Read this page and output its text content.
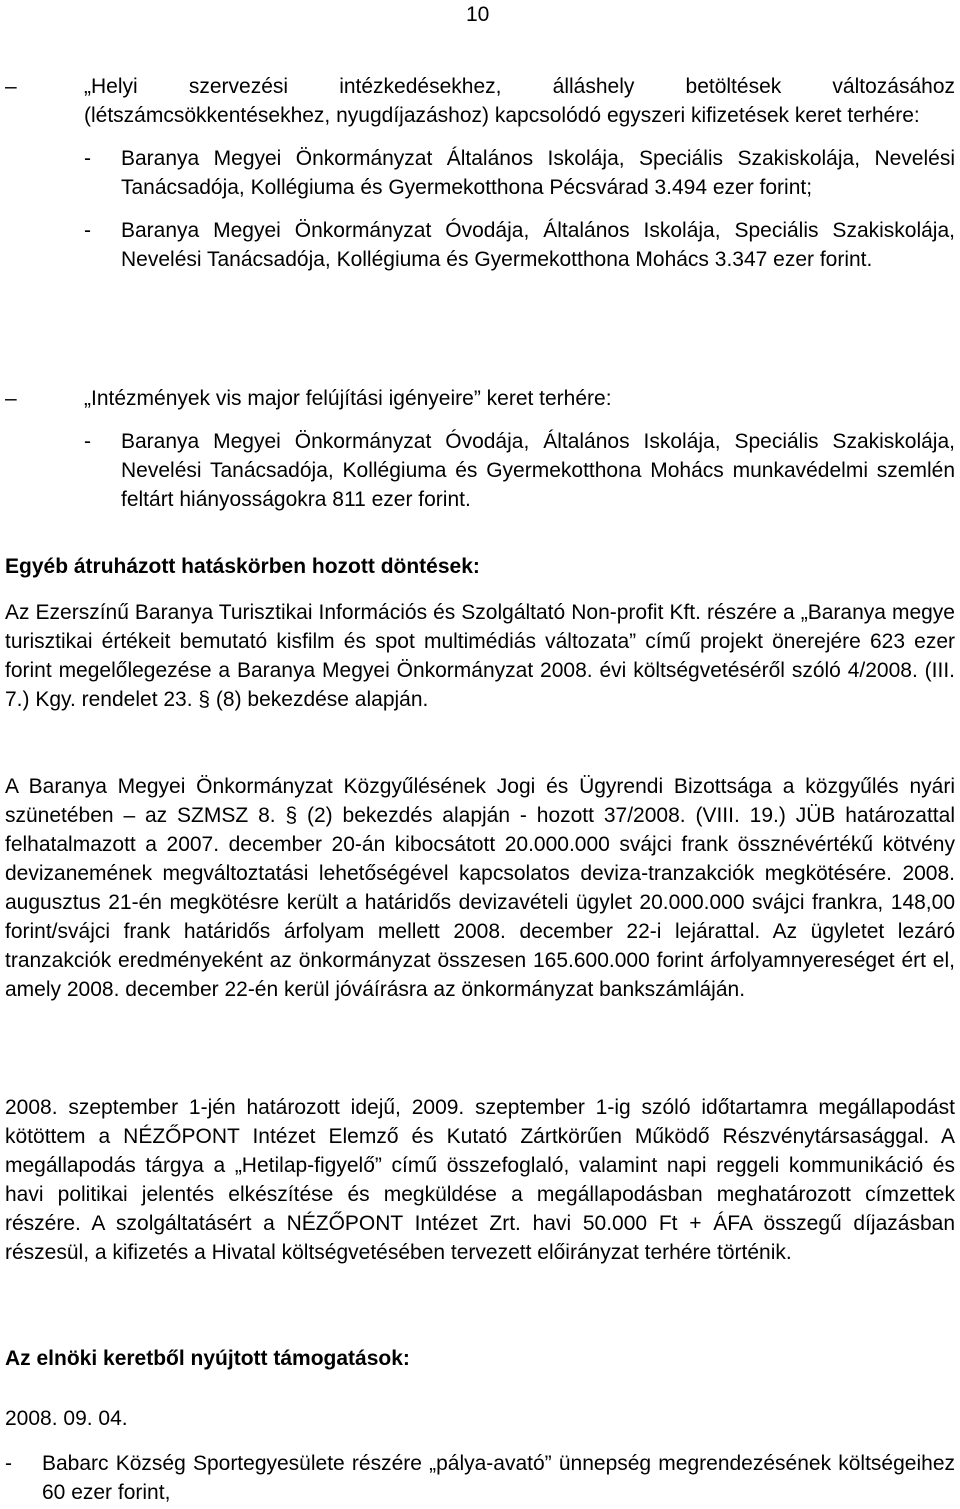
10
–	„Helyi szervezési intézkedésekhez, álláshely betöltések változásához (létszámcsökkentésekhez, nyugdíjazáshoz) kapcsolódó egyszeri kifizetések keret terhére:
- Baranya Megyei Önkormányzat Általános Iskolája, Speciális Szakiskolája, Nevelési Tanácsadója, Kollégiuma és Gyermekotthona Pécsvárad 3.494 ezer forint;
- Baranya Megyei Önkormányzat Óvodája, Általános Iskolája, Speciális Szakiskolája, Nevelési Tanácsadója, Kollégiuma és Gyermekotthona Mohács 3.347 ezer forint.
–	„Intézmények vis major felújítási igényeire” keret terhére:
- Baranya Megyei Önkormányzat Óvodája, Általános Iskolája, Speciális Szakiskolája, Nevelési Tanácsadója, Kollégiuma és Gyermekotthona Mohács munkavédelmi szemlén feltárt hiányosságokra 811 ezer forint.
Egyéb átruházott hatáskörben hozott döntések:

Az Ezerszínű Baranya Turisztikai Információs és Szolgáltató Non-profit Kft. részére a „Baranya megye turisztikai értékeit bemutató kisfilm és spot multimédiás változata” című projekt önerejére 623 ezer forint megelőlegezése a Baranya Megyei Önkormányzat 2008. évi költségvetéséről szóló 4/2008. (III. 7.) Kgy. rendelet 23. § (8) bekezdése alapján.

A Baranya Megyei Önkormányzat Közgyűlésének Jogi és Ügyrendi Bizottsága a közgyűlés nyári szünetében – az SZMSZ 8. § (2) bekezdés alapján - hozott 37/2008. (VIII. 19.) JÜB határozattal felhatalmazott a 2007. december 20-án kibocsátott 20.000.000 svájci frank össznévértékű kötvény devizanemének megváltoztatási lehetőségével kapcsolatos deviza-tranzakciók megkötésére. 2008. augusztus 21-én megkötésre került a határidős devizavételi ügylet 20.000.000 svájci frankra, 148,00 forint/svájci frank határidős árfolyam mellett 2008. december 22-i lejárattal. Az ügyletet lezáró tranzakciók eredményeként az önkormányzat összesen 165.600.000 forint árfolyamnyereséget ért el, amely 2008. december 22-én kerül jóváírásra az önkormányzat bankszámláján.

2008. szeptember 1-jén határozott idejű, 2009. szeptember 1-ig szóló időtartamra megállapodást kötöttem a NÉZŐPONT Intézet Elemző és Kutató Zártkörűen Működő Részvénytársasággal. A megállapodás tárgya a „Hetilap-figyelő” című összefoglaló, valamint napi reggeli kommunikáció és havi politikai jelentés elkészítése és megküldése a megállapodásban meghatározott címzettek részére. A szolgáltatásért a NÉZŐPONT Intézet Zrt. havi 50.000 Ft + ÁFA összegű díjazásban részesül, a kifizetés a Hivatal költségvetésében tervezett előirányzat terhére történik.

Az elnöki keretből nyújtott támogatások:
2008. 09. 04.
- Babarc Község Sportegyesülete részére „pálya-avató” ünnepség megrendezésének költségeihez 60 ezer forint,
